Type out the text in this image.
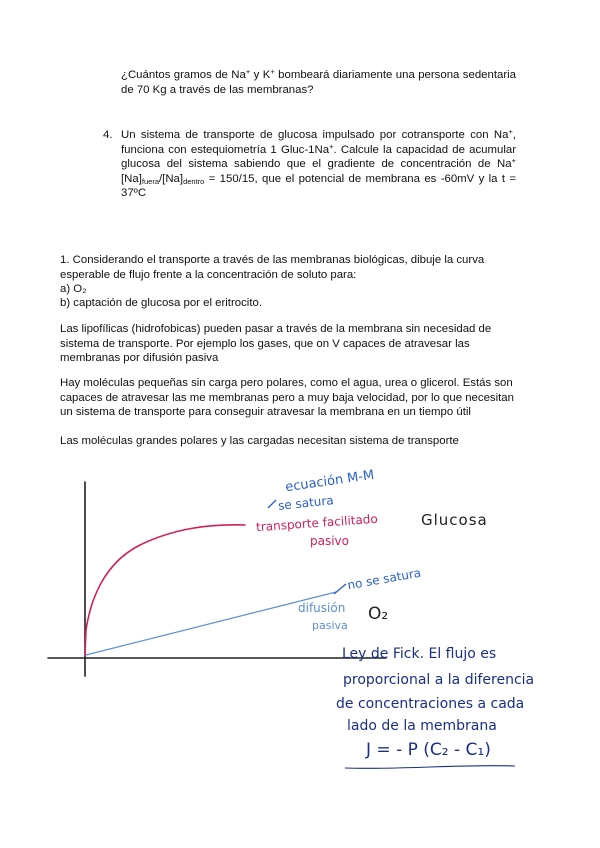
¿Cuántos gramos de Na+ y K+ bombeará diariamente una persona sedentaria de 70 Kg a través de las membranas?

4. Un sistema de transporte de glucosa impulsado por cotransporte con Na+, funciona con estequiometría 1 Gluc-1Na+. Calcule la capacidad de acumular glucosa del sistema sabiendo que el gradiente de concentración de Na+ $[Na]_{fuera}/[Na]_{dentro} = 150/15$, que el potencial de membrana es -60mV y la t = 37ºC

1. Considerando el transporte a través de las membranas biológicas, dibuje la curva esperable de flujo frente a la concentración de soluto para:

a) O₂

b) captación de glucosa por el eritrocito.

Las lipofílicas (hidrofobicas) pueden pasar a través de la membrana sin necesidad de sistema de transporte. Por ejemplo los gases, que on V capaces de atravesar las membranas por difusión pasiva

Hay moléculas pequeñas sin carga pero polares, como el agua, urea o glicerol. Estás son capaces de atravesar las me membranas pero a muy baja velocidad, por lo que necesitan un sistema de transporte para conseguir atravesar la membrana en un tiempo útil

Las moléculas grandes polares y las cargadas necesitan sistema de transporte

ecuación M-M
se satura
transporte facilitado
pasivo
Glucosa
no se satura
difusión
pasiva
O₂
Ley de Fick. El flujo es
proporcional a la diferencia
de concentraciones a cada
lado de la membrana
J = - P (C₂ - C₁)
